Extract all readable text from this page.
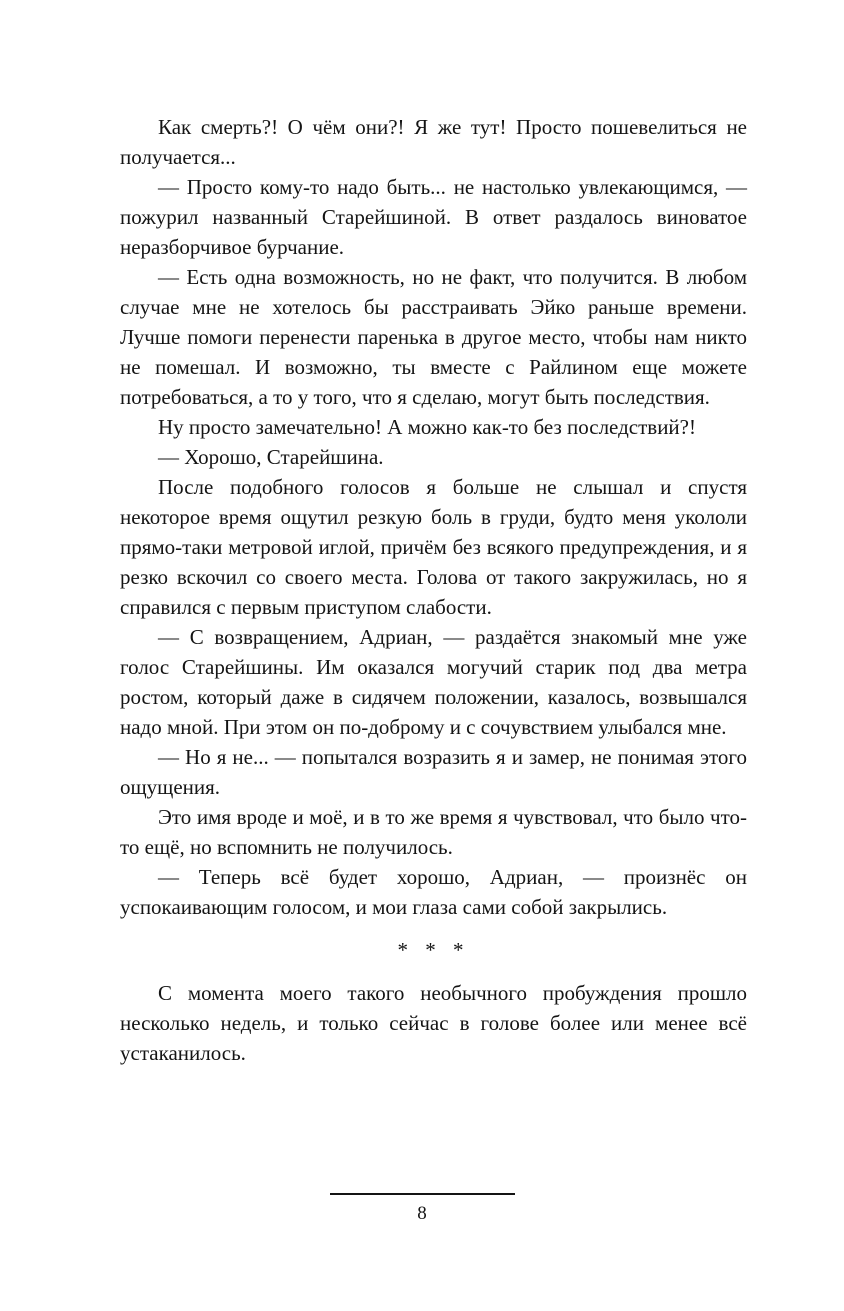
Как смерть?! О чём они?! Я же тут! Просто пошевелиться не получается...

— Просто кому-то надо быть... не настолько увлекающимся, — пожурил названный Старейшиной. В ответ раздалось виноватое неразборчивое бурчание.

— Есть одна возможность, но не факт, что получится. В любом случае мне не хотелось бы расстраивать Эйко раньше времени. Лучше помоги перенести паренька в другое место, чтобы нам никто не помешал. И возможно, ты вместе с Райлином еще можете потребоваться, а то у того, что я сделаю, могут быть последствия.

Ну просто замечательно! А можно как-то без последствий?!

— Хорошо, Старейшина.

После подобного голосов я больше не слышал и спустя некоторое время ощутил резкую боль в груди, будто меня укололи прямо-таки метровой иглой, причём без всякого предупреждения, и я резко вскочил со своего места. Голова от такого закружилась, но я справился с первым приступом слабости.

— С возвращением, Адриан, — раздаётся знакомый мне уже голос Старейшины. Им оказался могучий старик под два метра ростом, который даже в сидячем положении, казалось, возвышался надо мной. При этом он по-доброму и с сочувствием улыбался мне.

— Но я не... — попытался возразить я и замер, не понимая этого ощущения.

Это имя вроде и моё, и в то же время я чувствовал, что было что-то ещё, но вспомнить не получилось.

— Теперь всё будет хорошо, Адриан, — произнёс он успокаивающим голосом, и мои глаза сами собой закрылись.

* * *

С момента моего такого необычного пробуждения прошло несколько недель, и только сейчас в голове более или менее всё устаканилось.

8
